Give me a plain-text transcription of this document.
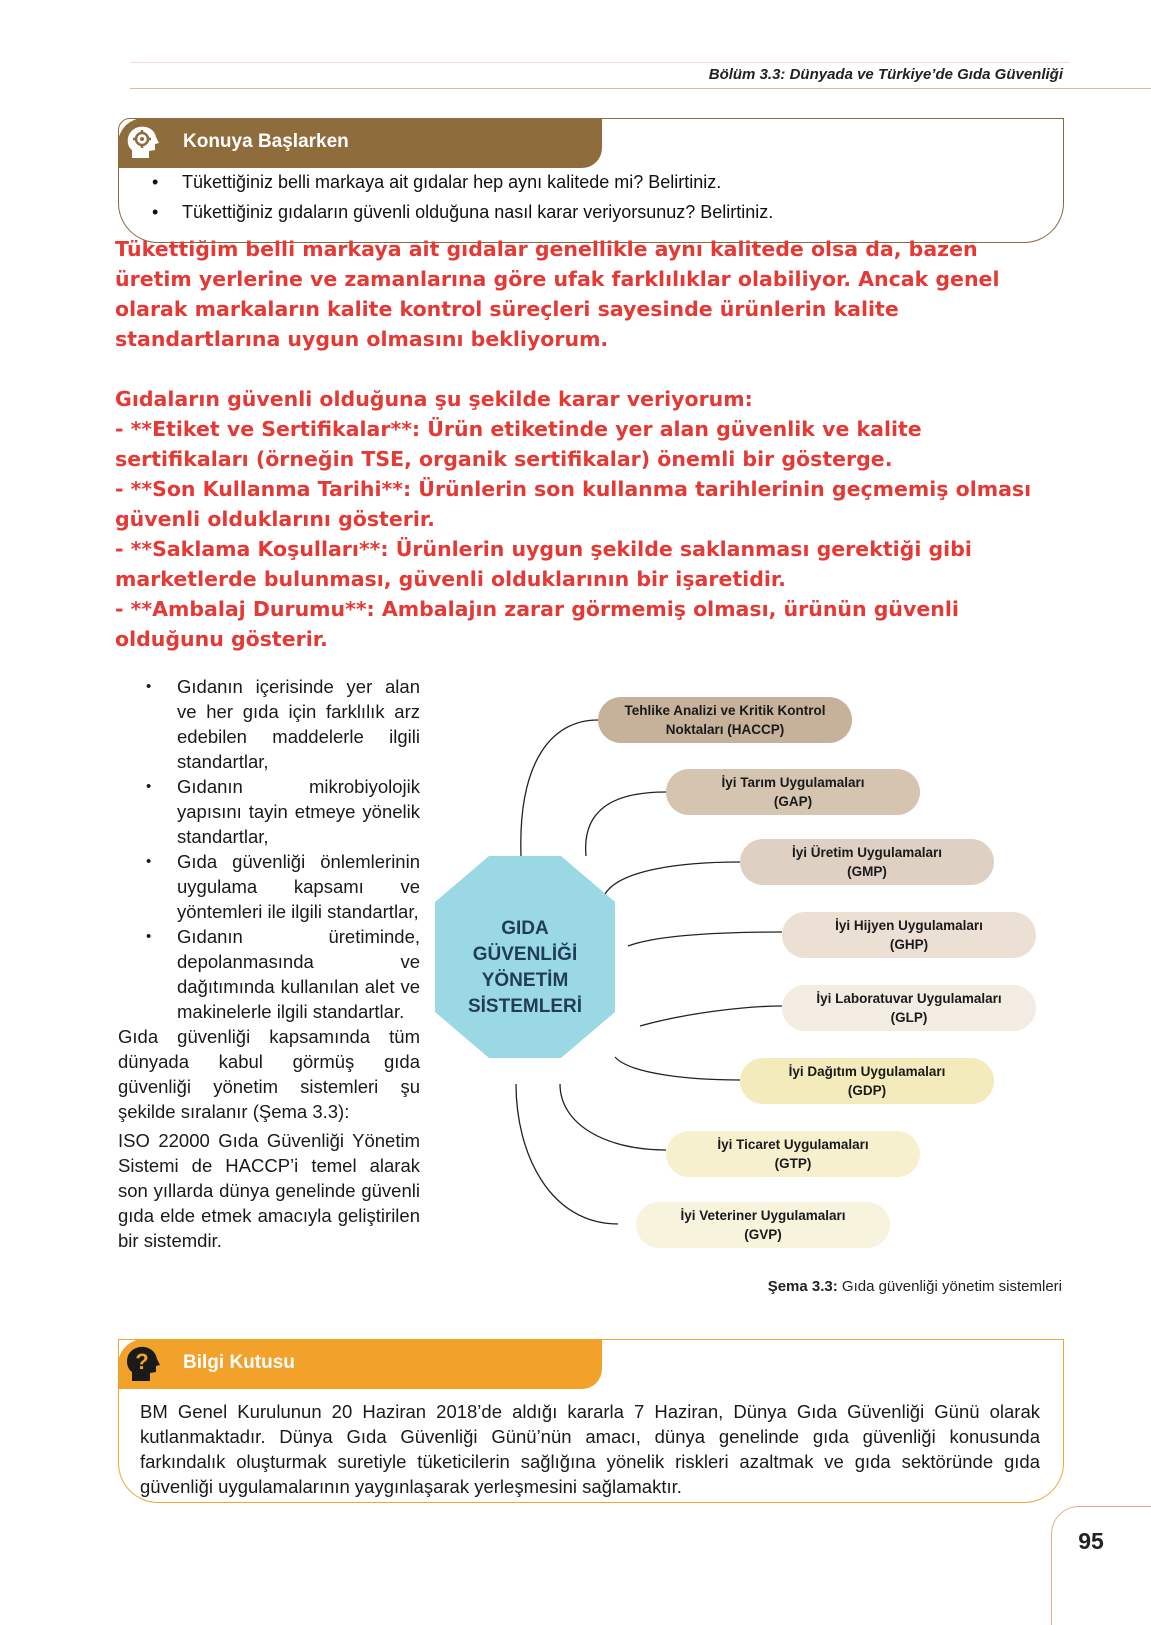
Bölüm 3.3: Dünyada ve Türkiye’de Gıda Güvenliği
Konuya Başlarken
• Tükettiğiniz belli markaya ait gıdalar hep aynı kalitede mi? Belirtiniz.
• Tükettiğiniz gıdaların güvenli olduğuna nasıl karar veriyorsunuz? Belirtiniz.

Tükettiğim belli markaya ait gıdalar genellikle aynı kalitede olsa da, bazen üretim yerlerine ve zamanlarına göre ufak farklılıklar olabiliyor. Ancak genel olarak markaların kalite kontrol süreçleri sayesinde ürünlerin kalite standartlarına uygun olmasını bekliyorum.

Gıdaların güvenli olduğuna şu şekilde karar veriyorum:

- **Etiket ve Sertifikalar**: Ürün etiketinde yer alan güvenlik ve kalite sertifikaları (örneğin TSE, organik sertifikalar) önemli bir gösterge.

- **Son Kullanma Tarihi**: Ürünlerin son kullanma tarihlerinin geçmemiş olması güvenli olduklarını gösterir.

- **Saklama Koşulları**: Ürünlerin uygun şekilde saklanması gerektiği gibi marketlerde bulunması, güvenli olduklarının bir işaretidir.

- **Ambalaj Durumu**: Ambalajın zarar görmemiş olması, ürünün güvenli olduğunu gösterir.

• Gıdanın içerisinde yer alan ve her gıda için farklılık arz edebilen maddelerle ilgili standartlar,
• Gıdanın mikrobiyolojik yapısını tayin etmeye yönelik standartlar,
• Gıda güvenliği önlemlerinin uygulama kapsamı ve yöntemleri ile ilgili standartlar,
• Gıdanın üretiminde, depolanmasında ve dağıtımında kullanılan alet ve makinelerle ilgili standartlar.

Gıda güvenliği kapsamında tüm dünyada kabul görmüş gıda güvenliği yönetim sistemleri şu şekilde sıralanır (Şema 3.3):

ISO 22000 Gıda Güvenliği Yönetim Sistemi de HACCP’i temel alarak son yıllarda dünya genelinde güvenli gıda elde etmek amacıyla geliştirilen bir sistemdir.

GIDA
GÜVENLİĞİ
YÖNETİM
SİSTEMLERİ
Tehlike Analizi ve Kritik Kontrol
Noktaları (HACCP)
İyi Tarım Uygulamaları
(GAP)
İyi Üretim Uygulamaları
(GMP)
İyi Hijyen Uygulamaları
(GHP)
İyi Laboratuvar Uygulamaları
(GLP)
İyi Dağıtım Uygulamaları
(GDP)
İyi Ticaret Uygulamaları
(GTP)
İyi Veteriner Uygulamaları
(GVP)
Şema 3.3: Gıda güvenliği yönetim sistemleri
? Bilgi Kutusu
BM Genel Kurulunun 20 Haziran 2018’de aldığı kararla 7 Haziran, Dünya Gıda Güvenliği Günü olarak kutlanmaktadır. Dünya Gıda Güvenliği Günü’nün amacı, dünya genelinde gıda güvenliği konusunda farkındalık oluşturmak suretiyle tüketicilerin sağlığına yönelik riskleri azaltmak ve gıda sektöründe gıda güvenliği uygulamalarının yaygınlaşarak yerleşmesini sağlamaktır.
95
